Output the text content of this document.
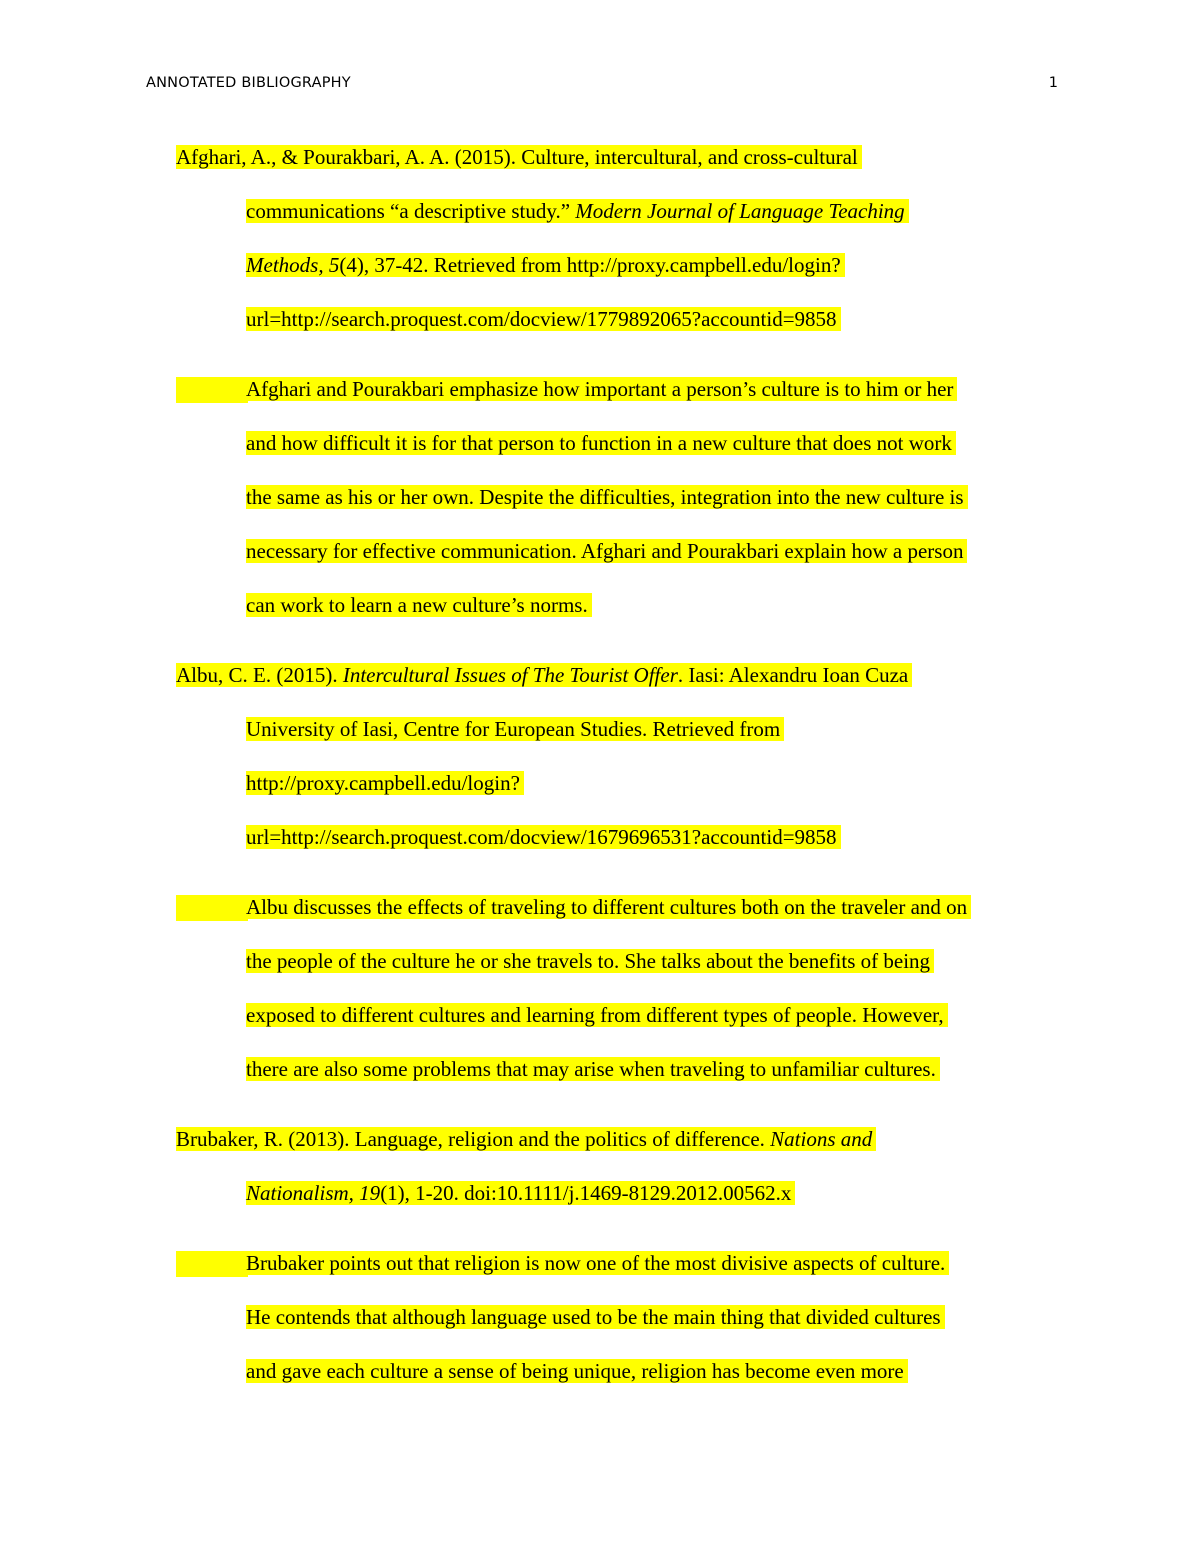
ANNOTATED BIBLIOGRAPHY	1
Afghari, A., & Pourakbari, A. A. (2015). Culture, intercultural, and cross-cultural
communications “a descriptive study.” Modern Journal of Language Teaching
Methods, 5(4), 37-42. Retrieved from http://proxy.campbell.edu/login?
url=http://search.proquest.com/docview/1779892065?accountid=9858
Afghari and Pourakbari emphasize how important a person’s culture is to him or her
and how difficult it is for that person to function in a new culture that does not work
the same as his or her own. Despite the difficulties, integration into the new culture is
necessary for effective communication. Afghari and Pourakbari explain how a person
can work to learn a new culture’s norms.
Albu, C. E. (2015). Intercultural Issues of The Tourist Offer. Iasi: Alexandru Ioan Cuza
University of Iasi, Centre for European Studies. Retrieved from
http://proxy.campbell.edu/login?
url=http://search.proquest.com/docview/1679696531?accountid=9858
Albu discusses the effects of traveling to different cultures both on the traveler and on
the people of the culture he or she travels to. She talks about the benefits of being
exposed to different cultures and learning from different types of people. However,
there are also some problems that may arise when traveling to unfamiliar cultures.
Brubaker, R. (2013). Language, religion and the politics of difference. Nations and
Nationalism, 19(1), 1-20. doi:10.1111/j.1469-8129.2012.00562.x
Brubaker points out that religion is now one of the most divisive aspects of culture.
He contends that although language used to be the main thing that divided cultures
and gave each culture a sense of being unique, religion has become even more
